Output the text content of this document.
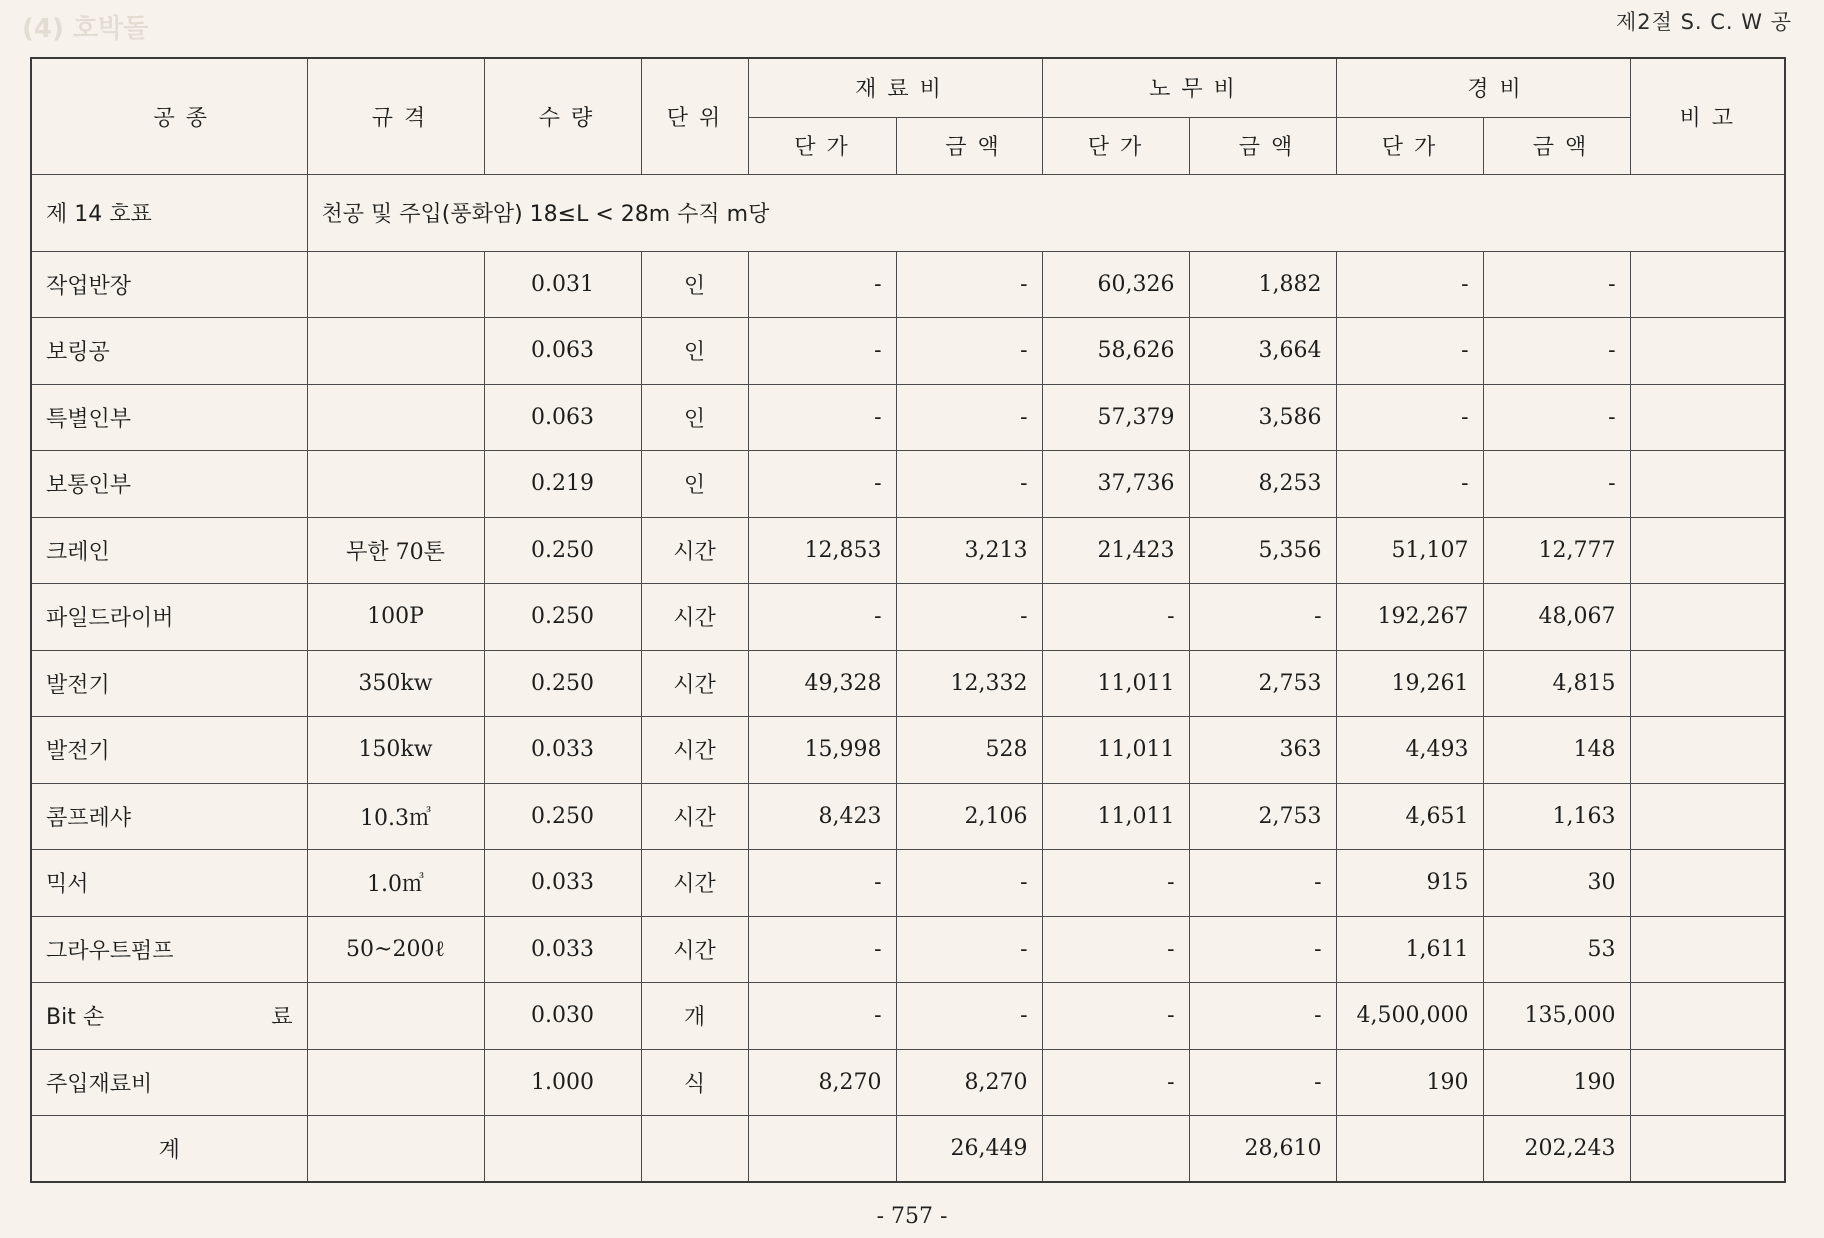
(4) 호박돌	제2절 S. C. W 공
공 종	규 격	수 량	단 위	재 료 비		노 무 비		경 비		비 고
				단 가	금 액	단 가	금 액	단 가	금 액	
제 14 호표	천공 및 주입(풍화암) 18≤L < 28m 수직 m당									
작업반장		0.031	인	-	-	60,326	1,882	-	-	
보링공		0.063	인	-	-	58,626	3,664	-	-	
특별인부		0.063	인	-	-	57,379	3,586	-	-	
보통인부		0.219	인	-	-	37,736	8,253	-	-	
크레인	무한 70톤	0.250	시간	12,853	3,213	21,423	5,356	51,107	12,777	
파일드라이버	100P	0.250	시간	-	-	-	-	192,267	48,067	
발전기	350kw	0.250	시간	49,328	12,332	11,011	2,753	19,261	4,815	
발전기	150kw	0.033	시간	15,998	528	11,011	363	4,493	148	
콤프레샤	10.3㎥	0.250	시간	8,423	2,106	11,011	2,753	4,651	1,163	
믹서	1.0㎥	0.033	시간	-	-	-	-	915	30	
그라우트펌프	50~200ℓ	0.033	시간	-	-	-	-	1,611	53	
Bit 손 료		0.030	개	-	-	-	-	4,500,000	135,000	
주입재료비		1.000	식	8,270	8,270	-	-	190	190	
계					26,449		28,610		202,243	
- 757 -
